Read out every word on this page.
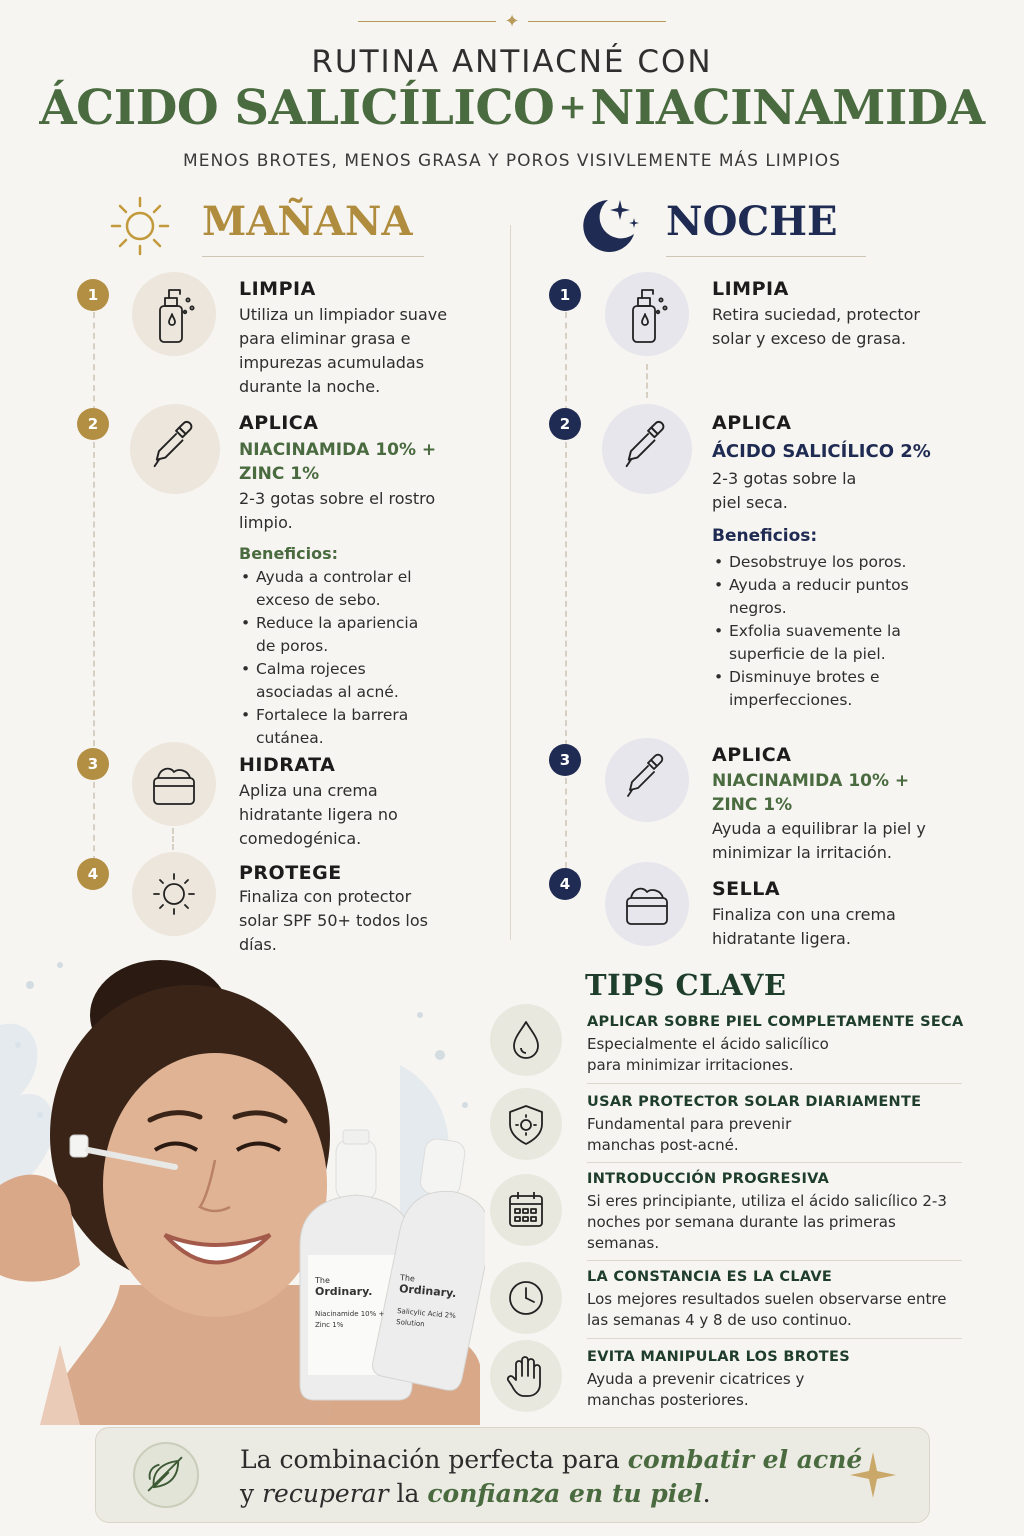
✦
RUTINA ANTIACNÉ CON
ÁCIDO SALICÍLICO +NIACINAMIDA
MENOS BROTES, MENOS GRASA Y POROS VISIVLEMENTE MÁS LIMPIOS
MAÑANA	NOCHE
1	LIMPIA
Utiliza un limpiador suave para eliminar grasa e impurezas acumuladas durante la noche.
2	APLICA
NIACINAMIDA 10% + ZINC 1%
2-3 gotas sobre el rostro limpio.
Beneficios:
• Ayuda a controlar el exceso de sebo.
• Reduce la apariencia de poros.
• Calma rojeces asociadas al acné.
• Fortalece la barrera cutánea.
3	HIDRATA
Apliza una crema hidratante ligera no comedogénica.
4	PROTEGE
Finaliza con protector solar SPF 50+ todos los días.
1	LIMPIA
Retira suciedad, protector solar y exceso de grasa.
2	APLICA
ÁCIDO SALICÍLICO 2%
2-3 gotas sobre la piel seca.
Beneficios:
• Desobstruye los poros.
• Ayuda a reducir puntos negros.
• Exfolia suavemente la superficie de la piel.
• Disminuye brotes e imperfecciones.
3	APLICA
NIACINAMIDA 10% + ZINC 1%
Ayuda a equilibrar la piel y minimizar la irritación.
4	SELLA
Finaliza con una crema hidratante ligera.
The
Ordinary.
Niacinamide 10% + Zinc 1%
The
Ordinary.
Salicylic Acid 2% Solution
TIPS CLAVE
APLICAR SOBRE PIEL COMPLETAMENTE SECA
Especialmente el ácido salicílico para minimizar irritaciones.
USAR PROTECTOR SOLAR DIARIAMENTE
Fundamental para prevenir manchas post-acné.
INTRODUCCIÓN PROGRESIVA
Si eres principiante, utiliza el ácido salicílico 2-3 noches por semana durante las primeras semanas.
LA CONSTANCIA ES LA CLAVE
Los mejores resultados suelen observarse entre las semanas 4 y 8 de uso continuo.
EVITA MANIPULAR LOS BROTES
Ayuda a prevenir cicatrices y manchas posteriores.
La combinación perfecta para combatir el acné
y recuperar la confianza en tu piel.
